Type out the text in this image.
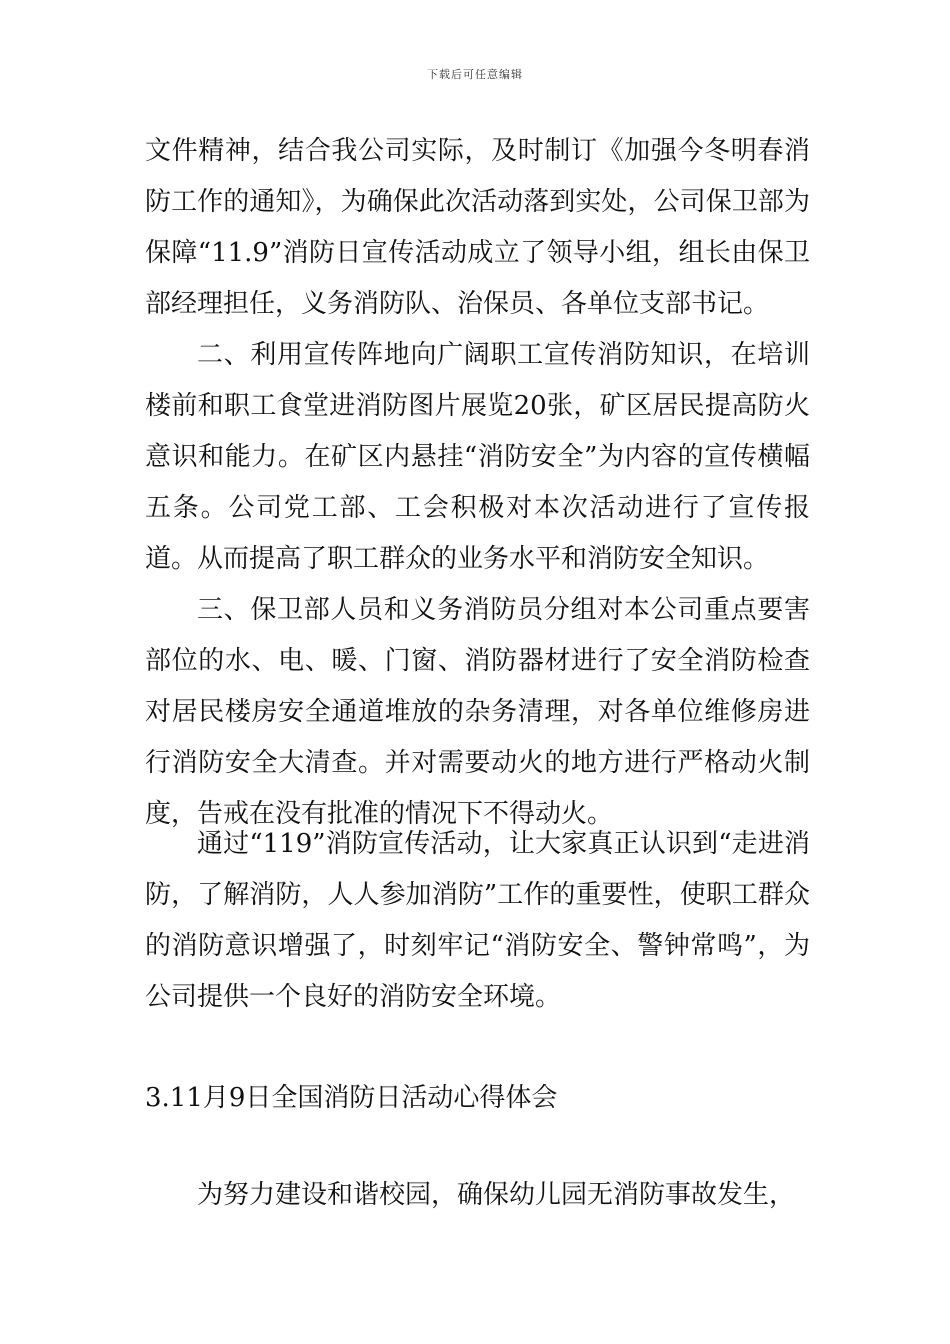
下载后可任意编辑

文件精神，结合我公司实际，及时制订《加强今冬明春消防工作的通知》，为确保此次活动落到实处，公司保卫部为保障“11.9”消防日宣传活动成立了领导小组，组长由保卫部经理担任，义务消防队、治保员、各单位支部书记。

二、利用宣传阵地向广阔职工宣传消防知识，在培训楼前和职工食堂进消防图片展览20张，矿区居民提高防火意识和能力。在矿区内悬挂“消防安全”为内容的宣传横幅五条。公司党工部、工会积极对本次活动进行了宣传报道。从而提高了职工群众的业务水平和消防安全知识。

三、保卫部人员和义务消防员分组对本公司重点要害部位的水、电、暖、门窗、消防器材进行了安全消防检查对居民楼房安全通道堆放的杂务清理，对各单位维修房进行消防安全大清查。并对需要动火的地方进行严格动火制度，告戒在没有批准的情况下不得动火。

通过“119”消防宣传活动，让大家真正认识到“走进消防，了解消防，人人参加消防”工作的重要性，使职工群众的消防意识增强了，时刻牢记“消防安全、警钟常鸣”，为公司提供一个良好的消防安全环境。

3.11月9日全国消防日活动心得体会

为努力建设和谐校园，确保幼儿园无消防事故发生，
